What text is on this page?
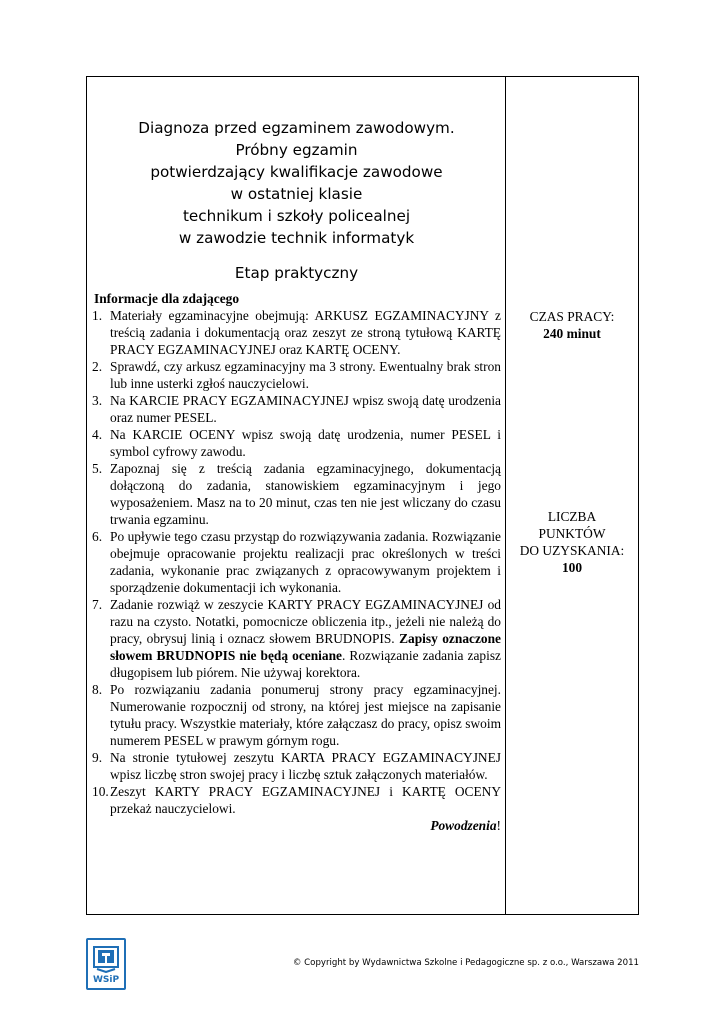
Diagnoza przed egzaminem zawodowym.
Próbny egzamin
potwierdzający kwalifikacje zawodowe
w ostatniej klasie
technikum i szkoły policealnej
w zawodzie technik informatyk
Etap praktyczny
Informacje dla zdającego
1. Materiały egzaminacyjne obejmują: ARKUSZ EGZAMINACYJNY z treścią zadania i dokumentacją oraz zeszyt ze stroną tytułową KARTĘ PRACY EGZAMINACYJNEJ oraz KARTĘ OCENY.
2. Sprawdź, czy arkusz egzaminacyjny ma 3 strony. Ewentualny brak stron lub inne usterki zgłoś nauczycielowi.
3. Na KARCIE PRACY EGZAMINACYJNEJ wpisz swoją datę urodzenia oraz numer PESEL.
4. Na KARCIE OCENY wpisz swoją datę urodzenia, numer PESEL i symbol cyfrowy zawodu.
5. Zapoznaj się z treścią zadania egzaminacyjnego, dokumentacją dołączoną do zadania, stanowiskiem egzaminacyjnym i jego wyposażeniem. Masz na to 20 minut, czas ten nie jest wliczany do czasu trwania egzaminu.
6. Po upływie tego czasu przystąp do rozwiązywania zadania. Rozwiązanie obejmuje opracowanie projektu realizacji prac określonych w treści zadania, wykonanie prac związanych z opracowywanym projektem i sporządzenie dokumentacji ich wykonania.
7. Zadanie rozwiąż w zeszycie KARTY PRACY EGZAMINACYJNEJ od razu na czysto. Notatki, pomocnicze obliczenia itp., jeżeli nie należą do pracy, obrysuj linią i oznacz słowem BRUDNOPIS. Zapisy oznaczone słowem BRUDNOPIS nie będą oceniane. Rozwiązanie zadania zapisz długopisem lub piórem. Nie używaj korektora.
8. Po rozwiązaniu zadania ponumeruj strony pracy egzaminacyjnej. Numerowanie rozpocznij od strony, na której jest miejsce na zapisanie tytułu pracy. Wszystkie materiały, które załączasz do pracy, opisz swoim numerem PESEL w prawym górnym rogu.
9. Na stronie tytułowej zeszytu KARTA PRACY EGZAMINACYJNEJ wpisz liczbę stron swojej pracy i liczbę sztuk załączonych materiałów.
10. Zeszyt KARTY PRACY EGZAMINACYJNEJ i KARTĘ OCENY przekaż nauczycielowi.
Powodzenia!
CZAS PRACY:
240 minut
LICZBA
PUNKTÓW
DO UZYSKANIA:
100
WSiP
© Copyright by Wydawnictwa Szkolne i Pedagogiczne sp. z o.o., Warszawa 2011
